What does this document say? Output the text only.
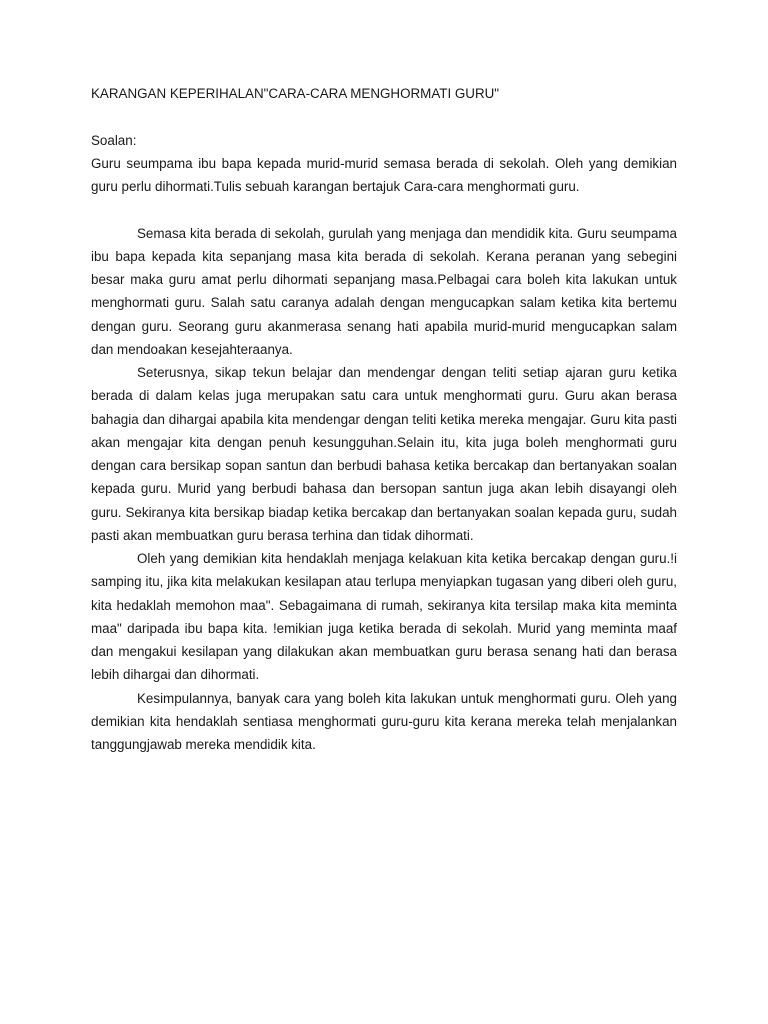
KARANGAN KEPERIHALAN"CARA-CARA MENGHORMATI GURU"

Soalan:

Guru seumpama ibu bapa kepada murid-murid semasa berada di sekolah. Oleh yang demikian guru perlu dihormati.Tulis sebuah karangan bertajuk Cara-cara menghormati guru.

Semasa kita berada di sekolah, gurulah yang menjaga dan mendidik kita. Guru seumpama ibu bapa kepada kita sepanjang masa kita berada di sekolah. Kerana peranan yang sebegini besar maka guru amat perlu dihormati sepanjang masa.Pelbagai cara boleh kita lakukan untuk menghormati guru. Salah satu caranya adalah dengan mengucapkan salam ketika kita bertemu dengan guru. Seorang guru akanmerasa senang hati apabila murid-murid mengucapkan salam dan mendoakan kesejahteraanya.

Seterusnya, sikap tekun belajar dan mendengar dengan teliti setiap ajaran guru ketika berada di dalam kelas juga merupakan satu cara untuk menghormati guru. Guru akan berasa bahagia dan dihargai apabila kita mendengar dengan teliti ketika mereka mengajar. Guru kita pasti akan mengajar kita dengan penuh kesungguhan.Selain itu, kita juga boleh menghormati guru dengan cara bersikap sopan santun dan berbudi bahasa ketika bercakap dan bertanyakan soalan kepada guru. Murid yang berbudi bahasa dan bersopan santun juga akan lebih disayangi oleh guru. Sekiranya kita bersikap biadap ketika bercakap dan bertanyakan soalan kepada guru, sudah pasti akan membuatkan guru berasa terhina dan tidak dihormati.

Oleh yang demikian kita hendaklah menjaga kelakuan kita ketika bercakap dengan guru.!i samping itu, jika kita melakukan kesilapan atau terlupa menyiapkan tugasan yang diberi oleh guru, kita hedaklah memohon maa". Sebagaimana di rumah, sekiranya kita tersilap maka kita meminta maa" daripada ibu bapa kita. !emikian juga ketika berada di sekolah. Murid yang meminta maaf dan mengakui kesilapan yang dilakukan akan membuatkan guru berasa senang hati dan berasa lebih dihargai dan dihormati.

Kesimpulannya, banyak cara yang boleh kita lakukan untuk menghormati guru. Oleh yang demikian kita hendaklah sentiasa menghormati guru-guru kita kerana mereka telah menjalankan tanggungjawab mereka mendidik kita.
